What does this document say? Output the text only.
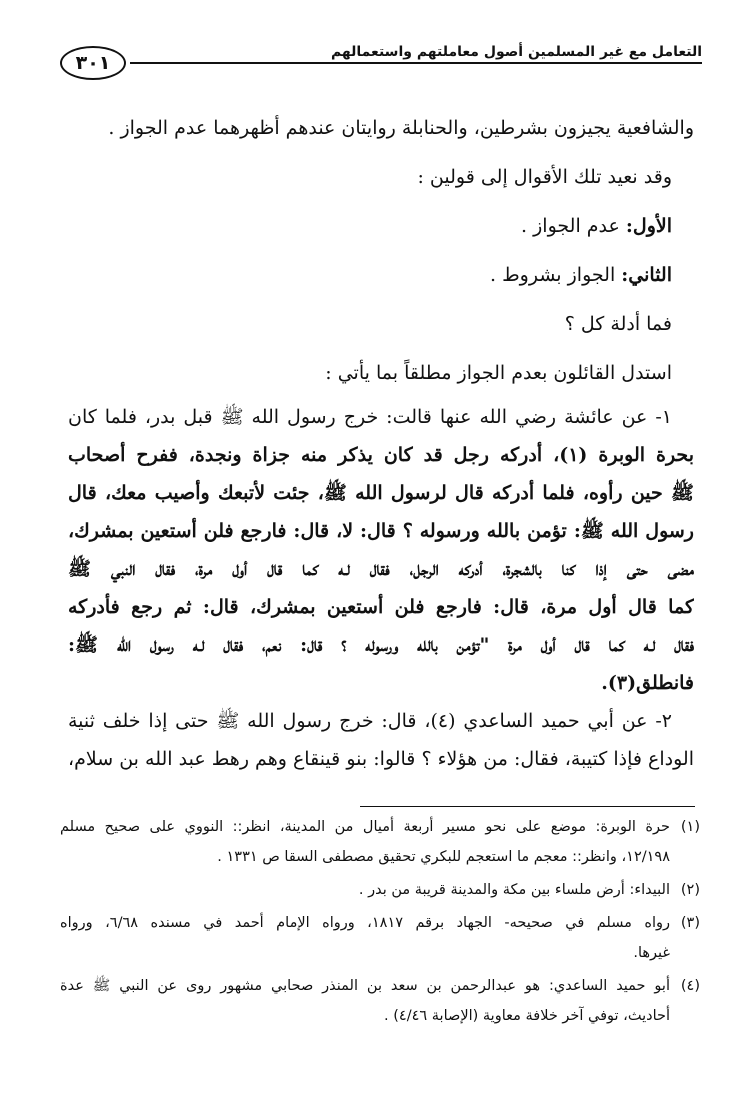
التعامل مع غير المسلمين أصول معاملتهم واستعمالهم
٣٠١
والشافعية يجيزون بشرطين، والحنابلة روايتان عندهم أظهرهما عدم الجواز .
وقد نعيد تلك الأقوال إلى قولين :
الأول: عدم الجواز .
الثاني: الجواز بشروط .
فما أدلة كل ؟
استدل القائلون بعدم الجواز مطلقاً بما يأتي :
١- عن عائشة رضي الله عنها قالت: خرج رسول الله ﷺ قبل بدر، فلما كان
بحرة الوبرة (١)، أدركه رجل قد كان يذكر منه جزاة ونجدة، ففرح أصحاب
ﷺ حين رأوه، فلما أدركه قال لرسول الله ﷺ، جئت لأتبعك وأصيب معك، قال
رسول الله ﷺ: تؤمن بالله ورسوله ؟ قال: لا، قال: فارجع فلن أستعين بمشرك،
مضى حتى إذا كنا بالشجرة، أدركه الرجل، فقال لـه كما قال أول مرة، فقال النبي ﷺ
كما قال أول مرة، قال: فارجع فلن أستعين بمشرك، قال: ثم رجع فأدركه
فقال لـه كما قال أول مرة "تؤمن بالله ورسوله ؟ قال: نعم، فقال لـه رسول الله ﷺ:
فانطلق(٣).
٢- عن أبي حميد الساعدي (٤)، قال: خرج رسول الله ﷺ حتى إذا خلف ثنية
الوداع فإذا كتيبة، فقال: من هؤلاء ؟ قالوا: بنو قينقاع وهم رهط عبد الله بن سلام،
(١)
حرة الوبرة: موضع على نحو مسير أربعة أميال من المدينة، انظر:: النووي على صحيح مسلم
١٢/١٩٨، وانظر:: معجم ما استعجم للبكري تحقيق مصطفى السقا ص ١٣٣١ .
(٢)
البيداء: أرض ملساء بين مكة والمدينة قريبة من بدر .
(٣)
رواه مسلم في صحيحه- الجهاد برقم ١٨١٧، ورواه الإمام أحمد في مسنده ٦/٦٨، ورواه
غيرها.
(٤)
أبو حميد الساعدي: هو عبدالرحمن بن سعد بن المنذر صحابي مشهور روى عن النبي ﷺ عدة
أحاديث، توفي آخر خلافة معاوية (الإصابة ٤/٤٦) .
